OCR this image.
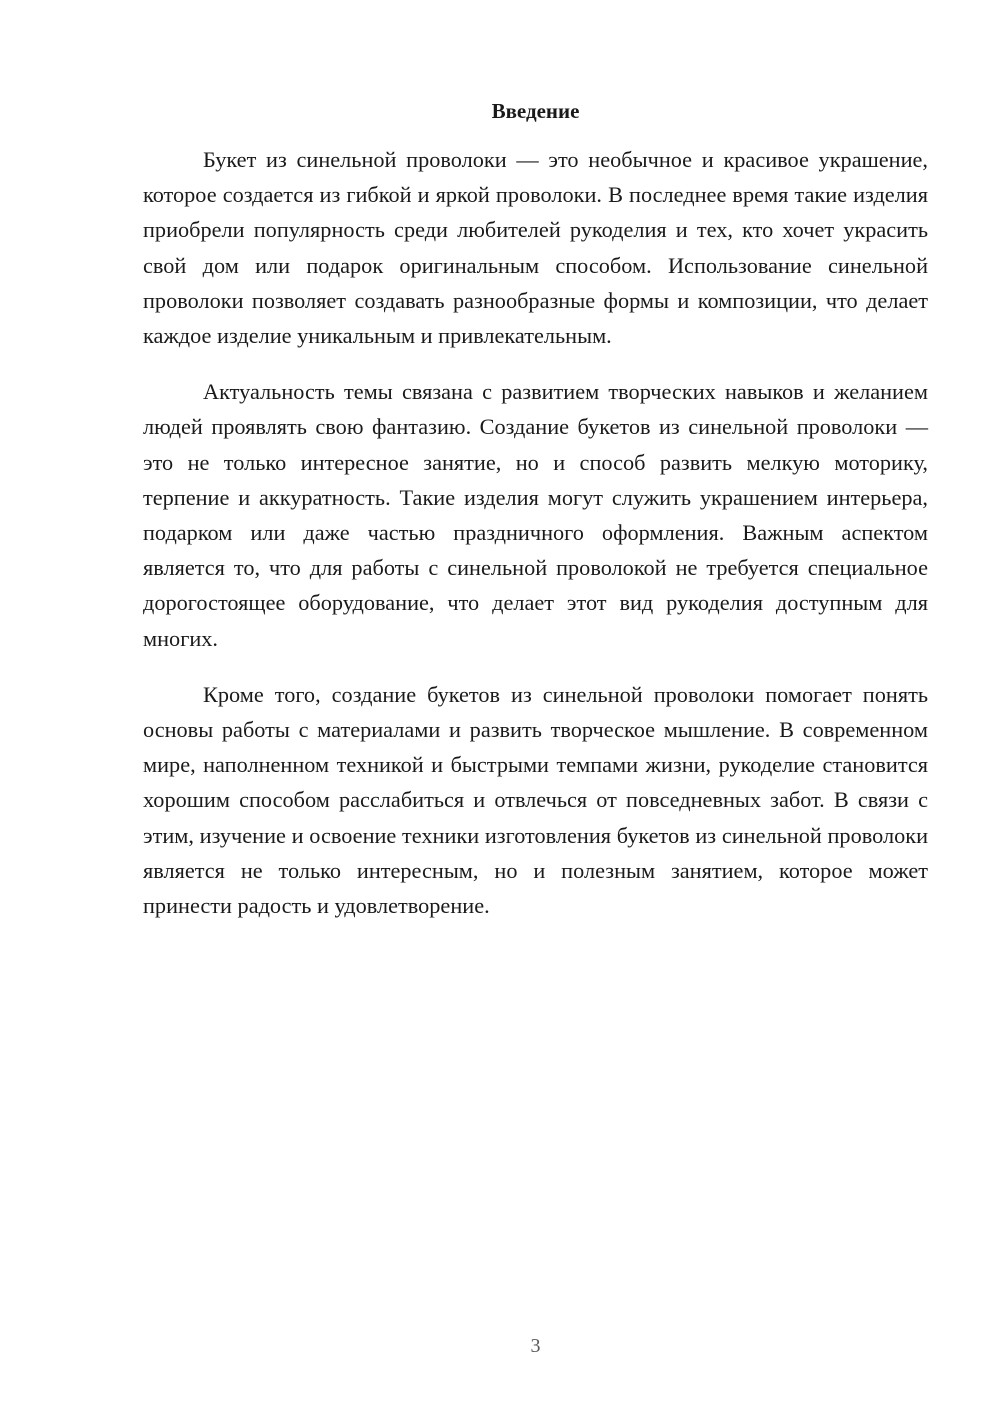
Введение

Букет из синельной проволоки — это необычное и красивое украшение, которое создается из гибкой и яркой проволоки. В последнее время такие изделия приобрели популярность среди любителей рукоделия и тех, кто хочет украсить свой дом или подарок оригинальным способом. Использование синельной проволоки позволяет создавать разнообразные формы и композиции, что делает каждое изделие уникальным и привлекательным.

Актуальность темы связана с развитием творческих навыков и желанием людей проявлять свою фантазию. Создание букетов из синельной проволоки — это не только интересное занятие, но и способ развить мелкую моторику, терпение и аккуратность. Такие изделия могут служить украшением интерьера, подарком или даже частью праздничного оформления. Важным аспектом является то, что для работы с синельной проволокой не требуется специальное дорогостоящее оборудование, что делает этот вид рукоделия доступным для многих.

Кроме того, создание букетов из синельной проволоки помогает понять основы работы с материалами и развить творческое мышление. В современном мире, наполненном техникой и быстрыми темпами жизни, рукоделие становится хорошим способом расслабиться и отвлечься от повседневных забот. В связи с этим, изучение и освоение техники изготовления букетов из синельной проволоки является не только интересным, но и полезным занятием, которое может принести радость и удовлетворение.

3
